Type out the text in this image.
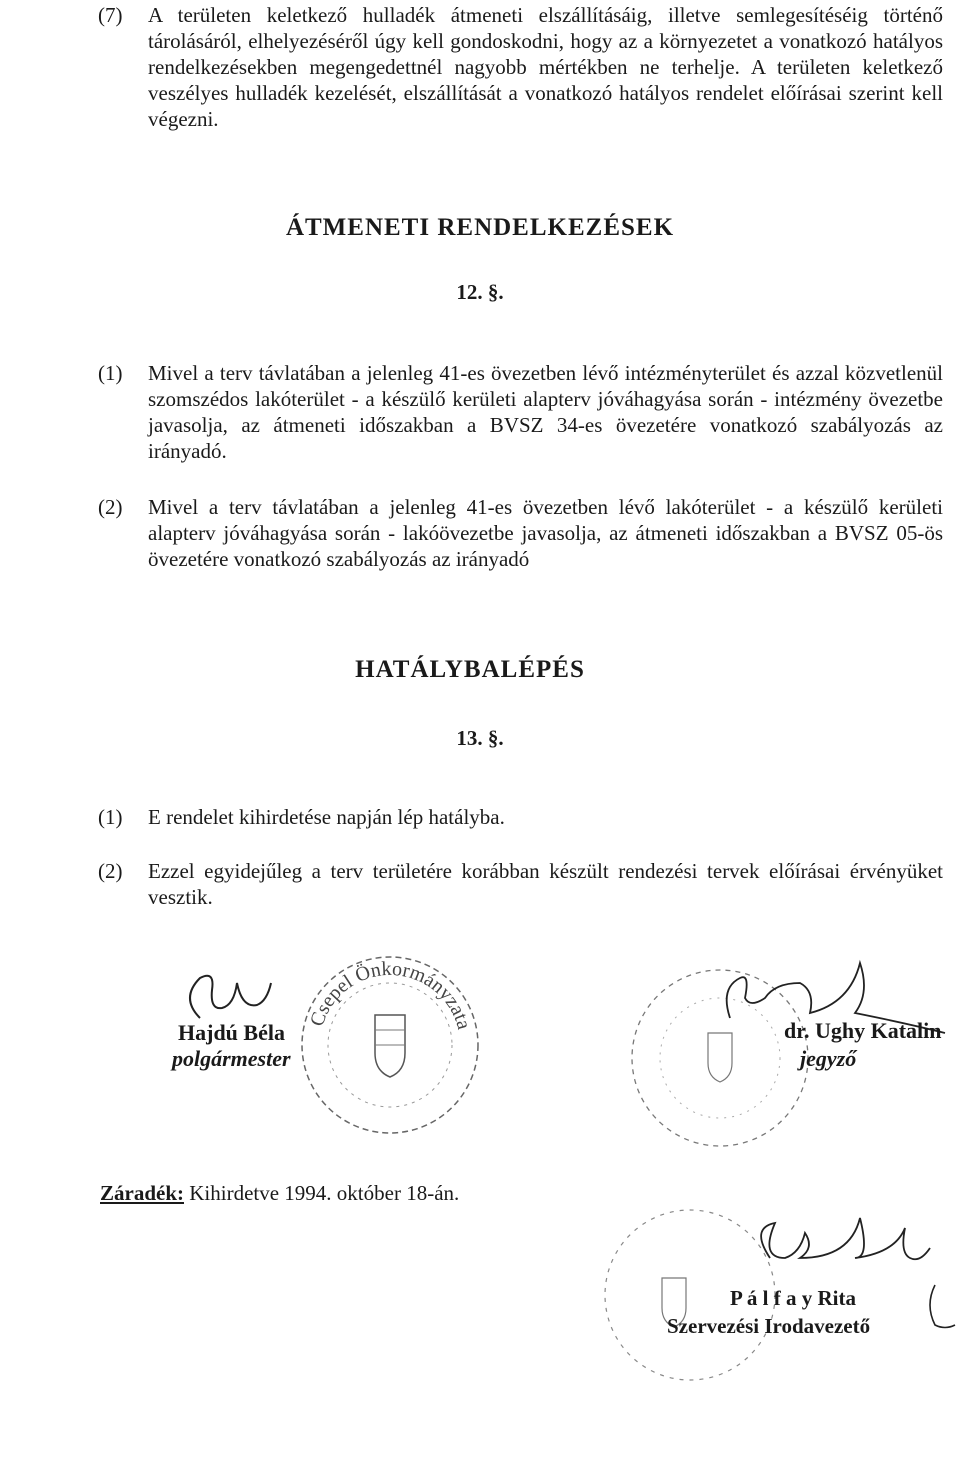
(7) A területen keletkező hulladék átmeneti elszállításáig, illetve semlegesítéséig történő tárolásáról, elhelyezéséről úgy kell gondoskodni, hogy az a környezetet a vonatkozó hatályos rendelkezésekben megengedettnél nagyobb mértékben ne terhelje. A területen keletkező veszélyes hulladék kezelését, elszállítását a vonatkozó hatályos rendelet előírásai szerint kell végezni.
ÁTMENETI RENDELKEZÉSEK
12. §.
(1) Mivel a terv távlatában a jelenleg 41-es övezetben lévő intézményterület és azzal közvetlenül szomszédos lakóterület - a készülő kerületi alapterv jóváhagyása során - intézmény övezetbe javasolja, az átmeneti időszakban a BVSZ 34-es övezetére vonatkozó szabályozás az irányadó.
(2) Mivel a terv távlatában a jelenleg 41-es övezetben lévő lakóterület - a készülő kerületi alapterv jóváhagyása során - lakóövezetbe javasolja, az átmeneti időszakban a BVSZ 05-ös övezetére vonatkozó szabályozás az irányadó
HATÁLYBALÉPÉS
13. §.
(1) E rendelet kihirdetése napján lép hatályba.
(2) Ezzel egyidejűleg a terv területére korábban készült rendezési tervek előírásai érvényüket vesztik.
Csepel Önkormányzata
Hajdú Béla
polgármester
dr. Ughy Katalin
jegyző
Záradék: Kihirdetve 1994. október 18-án.
P á l f a y Rita
Szervezési Irodavezető
